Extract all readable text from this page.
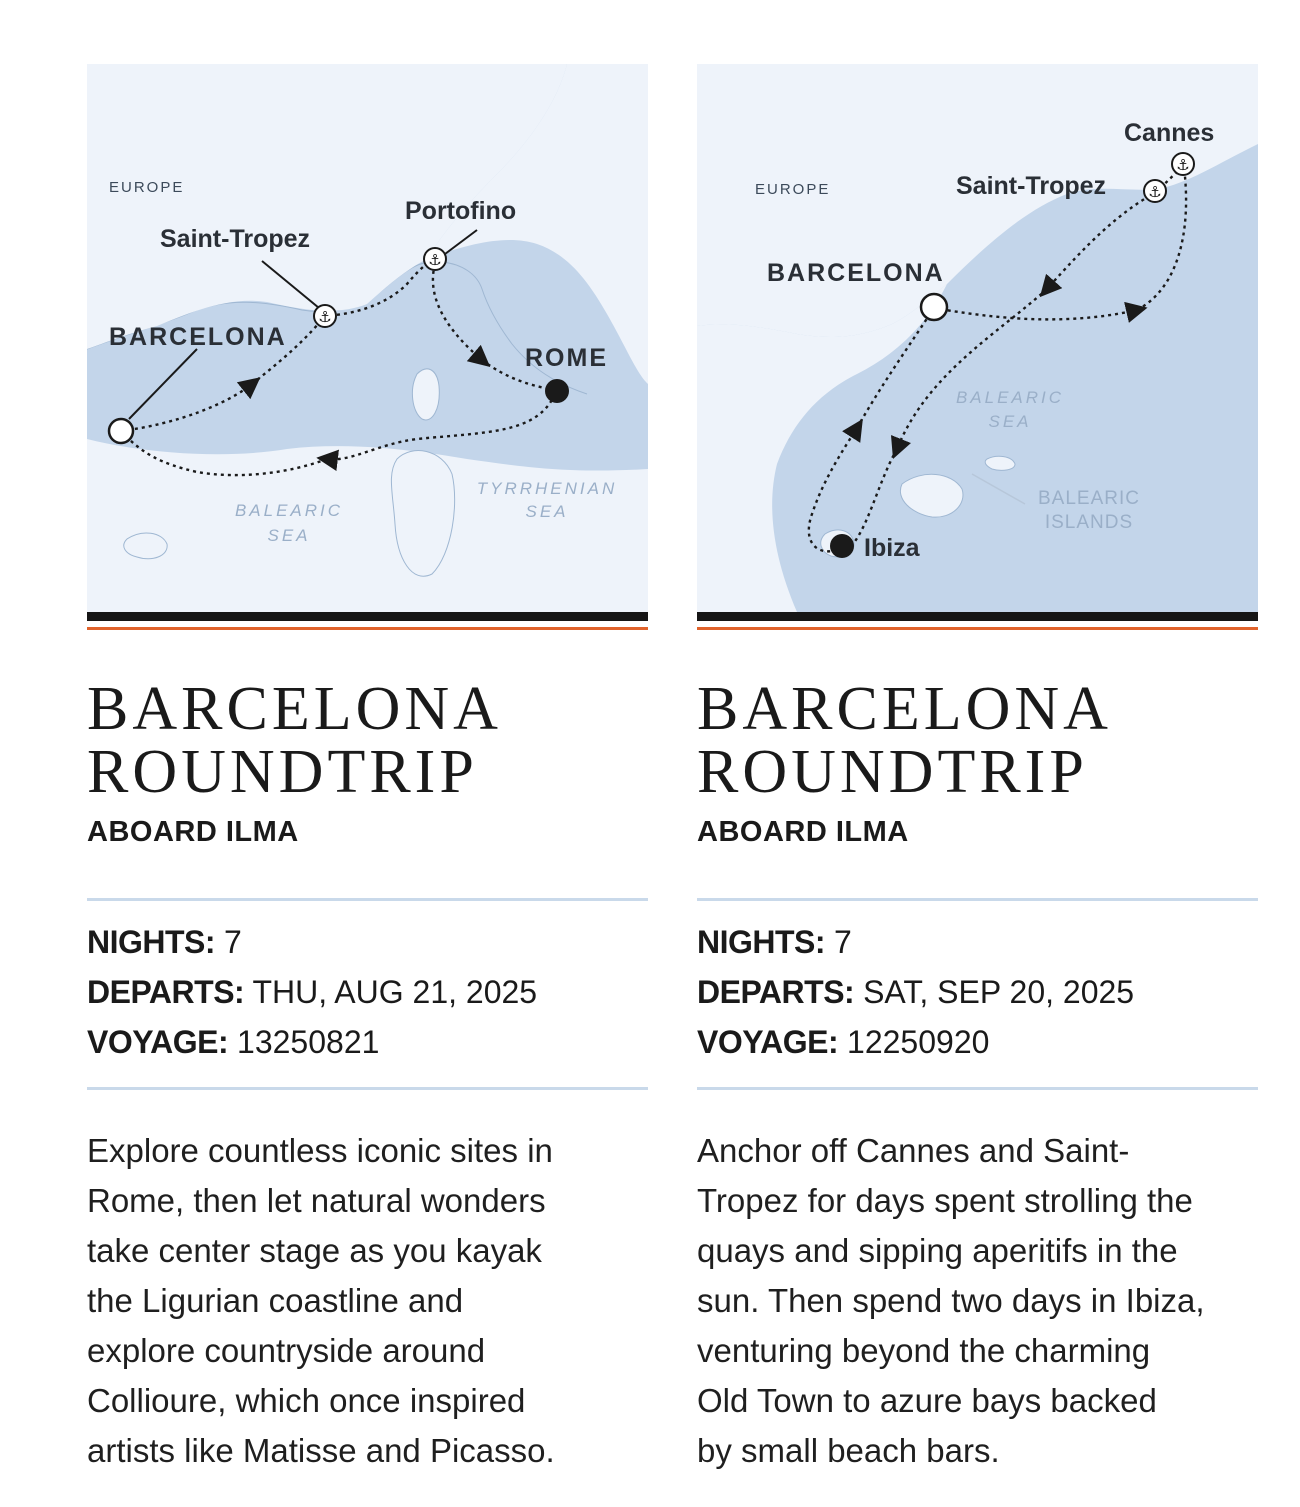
⚓
⚓
EUROPE
Saint-Tropez
Portofino
BARCELONA
ROME
BALEARIC
SEA
TYRRHENIAN
SEA
BARCELONA
ROUNDTRIP
ABOARD ILMA
NIGHTS: 7
DEPARTS: THU, AUG 21, 2025
VOYAGE: 13250821
Explore countless iconic sites in
Rome, then let natural wonders
take center stage as you kayak
the Ligurian coastline and
explore countryside around
Collioure, which once inspired
artists like Matisse and Picasso.
⚓
⚓
EUROPE
Cannes
Saint-Tropez
BARCELONA
Ibiza
BALEARIC
SEA
BALEARIC
ISLANDS
BARCELONA
ROUNDTRIP
ABOARD ILMA
NIGHTS: 7
DEPARTS: SAT, SEP 20, 2025
VOYAGE: 12250920
Anchor off Cannes and Saint-
Tropez for days spent strolling the
quays and sipping aperitifs in the
sun. Then spend two days in Ibiza,
venturing beyond the charming
Old Town to azure bays backed
by small beach bars.
